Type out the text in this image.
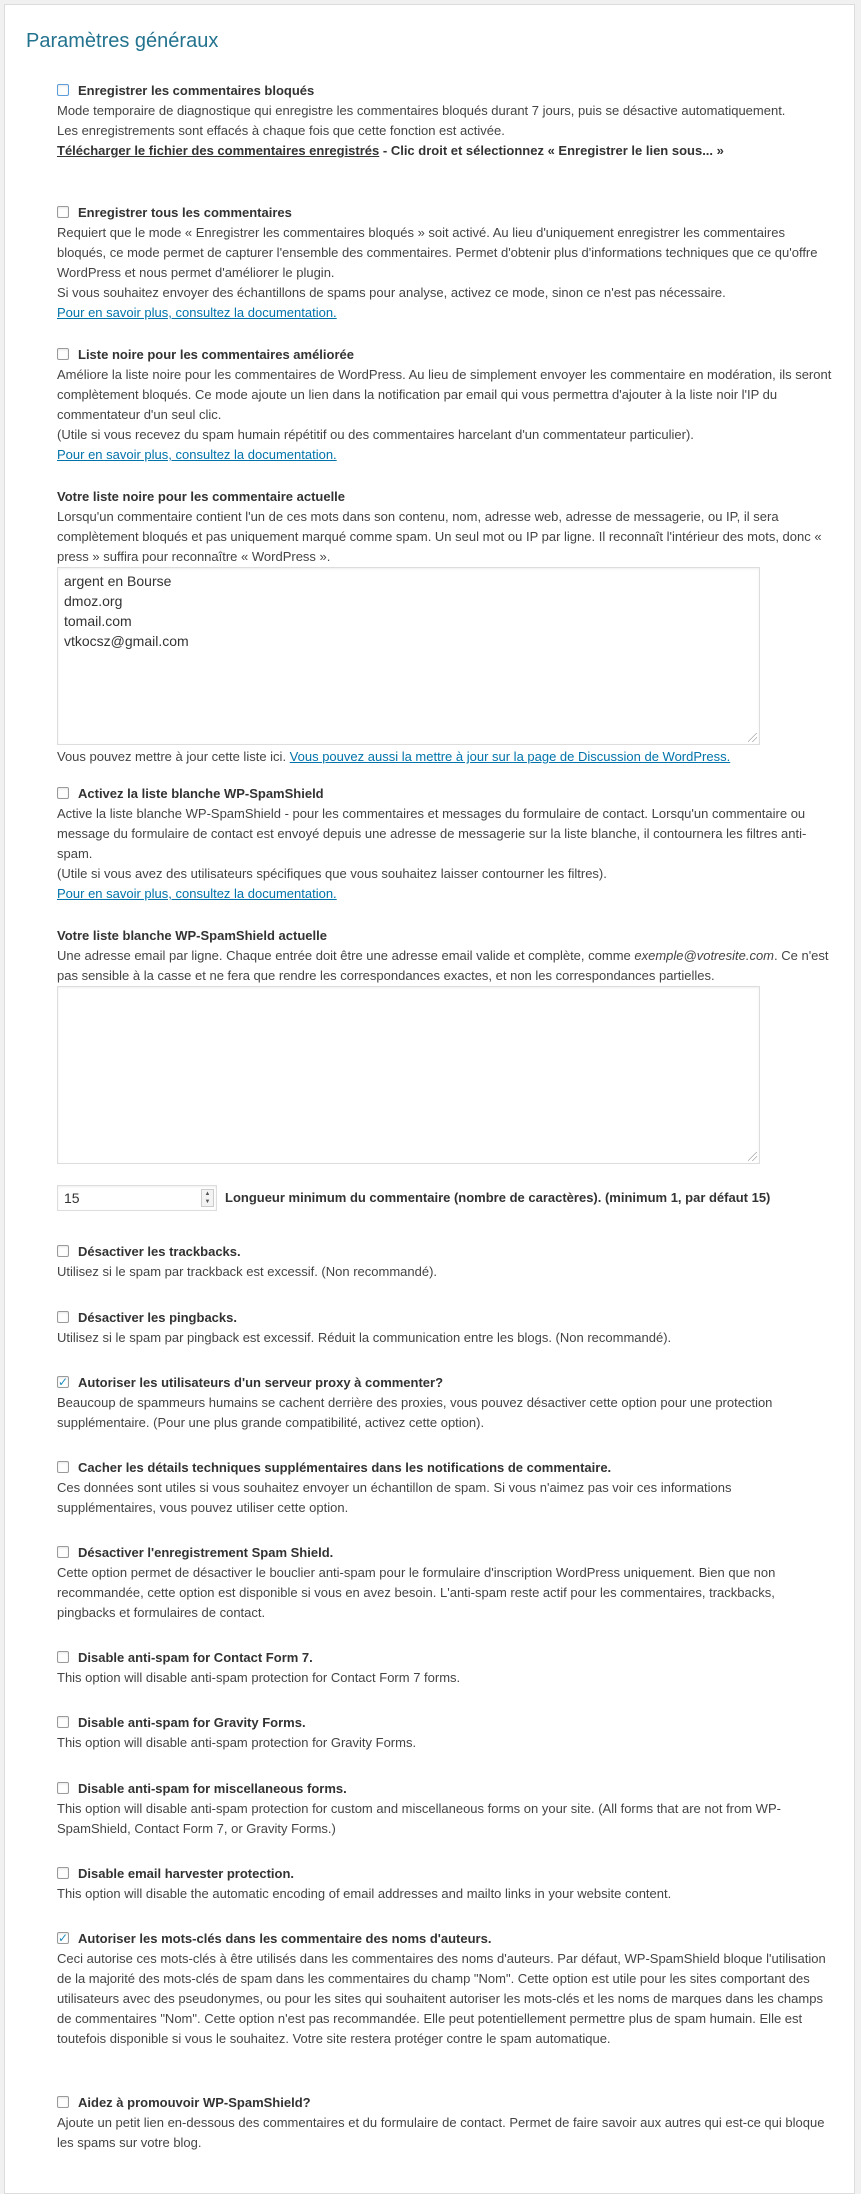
Paramètres généraux
Enregistrer les commentaires bloqués

Mode temporaire de diagnostique qui enregistre les commentaires bloqués durant 7 jours, puis se désactive automatiquement.

Les enregistrements sont effacés à chaque fois que cette fonction est activée.

Télécharger le fichier des commentaires enregistrés - Clic droit et sélectionnez « Enregistrer le lien sous... »

Enregistrer tous les commentaires

Requiert que le mode « Enregistrer les commentaires bloqués » soit activé. Au lieu d'uniquement enregistrer les commentaires bloqués, ce mode permet de capturer l'ensemble des commentaires. Permet d'obtenir plus d'informations techniques que ce qu'offre WordPress et nous permet d'améliorer le plugin.

Si vous souhaitez envoyer des échantillons de spams pour analyse, activez ce mode, sinon ce n'est pas nécessaire.

Pour en savoir plus, consultez la documentation.

Liste noire pour les commentaires amélioréе

Améliore la liste noire pour les commentaires de WordPress. Au lieu de simplement envoyer les commentaire en modération, ils seront complètement bloqués. Ce mode ajoute un lien dans la notification par email qui vous permettra d'ajouter à la liste noir l'IP du commentateur d'un seul clic.

(Utile si vous recevez du spam humain répétitif ou des commentaires harcelant d'un commentateur particulier).

Pour en savoir plus, consultez la documentation.

Votre liste noire pour les commentaire actuelle
Lorsqu'un commentaire contient l'un de ces mots dans son contenu, nom, adresse web, adresse de messagerie, ou IP, il sera complètement bloqués et pas uniquement marqué comme spam. Un seul mot ou IP par ligne. Il reconnaît l'intérieur des mots, donc « press » suffira pour reconnaître « WordPress ».
argent en Bourse
dmoz.org
tomail.com
vtkocsz@gmail.com
Vous pouvez mettre à jour cette liste ici. Vous pouvez aussi la mettre à jour sur la page de Discussion de WordPress.
Activez la liste blanche WP-SpamShield

Active la liste blanche WP-SpamShield - pour les commentaires et messages du formulaire de contact. Lorsqu'un commentaire ou message du formulaire de contact est envoyé depuis une adresse de messagerie sur la liste blanche, il contournera les filtres anti-spam.

(Utile si vous avez des utilisateurs spécifiques que vous souhaitez laisser contourner les filtres).

Pour en savoir plus, consultez la documentation.

Votre liste blanche WP-SpamShield actuelle
Une adresse email par ligne. Chaque entrée doit être une adresse email valide et complète, comme exemple@votresite.com. Ce n'est pas sensible à la casse et ne fera que rendre les correspondances exactes, et non les correspondances partielles.
15	▲
▼ Longueur minimum du commentaire (nombre de caractères). (minimum 1, par défaut 15)
Désactiver les trackbacks.
Utilisez si le spam par trackback est excessif. (Non recommandé).
Désactiver les pingbacks.
Utilisez si le spam par pingback est excessif. Réduit la communication entre les blogs. (Non recommandé).
✓
Autoriser les utilisateurs d'un serveur proxy à commenter?
Beaucoup de spammeurs humains se cachent derrière des proxies, vous pouvez désactiver cette option pour une protection supplémentaire. (Pour une plus grande compatibilité, activez cette option).
Cacher les détails techniques supplémentaires dans les notifications de commentaire.
Ces données sont utiles si vous souhaitez envoyer un échantillon de spam. Si vous n'aimez pas voir ces informations supplémentaires, vous pouvez utiliser cette option.
Désactiver l'enregistrement Spam Shield.
Cette option permet de désactiver le bouclier anti-spam pour le formulaire d'inscription WordPress uniquement. Bien que non recommandée, cette option est disponible si vous en avez besoin. L'anti-spam reste actif pour les commentaires, trackbacks, pingbacks et formulaires de contact.
Disable anti-spam for Contact Form 7.
This option will disable anti-spam protection for Contact Form 7 forms.
Disable anti-spam for Gravity Forms.
This option will disable anti-spam protection for Gravity Forms.
Disable anti-spam for miscellaneous forms.
This option will disable anti-spam protection for custom and miscellaneous forms on your site. (All forms that are not from WP-SpamShield, Contact Form 7, or Gravity Forms.)
Disable email harvester protection.
This option will disable the automatic encoding of email addresses and mailto links in your website content.
✓
Autoriser les mots-clés dans les commentaire des noms d'auteurs.
Ceci autorise ces mots-clés à être utilisés dans les commentaires des noms d'auteurs. Par défaut, WP-SpamShield bloque l'utilisation de la majorité des mots-clés de spam dans les commentaires du champ "Nom". Cette option est utile pour les sites comportant des utilisateurs avec des pseudonymes, ou pour les sites qui souhaitent autoriser les mots-clés et les noms de marques dans les champs de commentaires "Nom". Cette option n'est pas recommandée. Elle peut potentiellement permettre plus de spam humain. Elle est toutefois disponible si vous le souhaitez. Votre site restera protéger contre le spam automatique.
Aidez à promouvoir WP-SpamShield?
Ajoute un petit lien en-dessous des commentaires et du formulaire de contact. Permet de faire savoir aux autres qui est-ce qui bloque les spams sur votre blog.
